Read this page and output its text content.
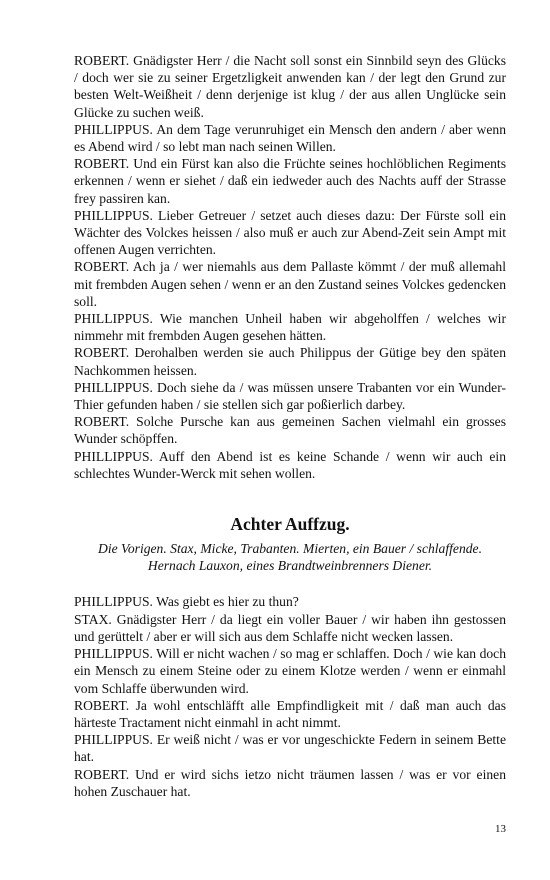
ROBERT. Gnädigster Herr / die Nacht soll sonst ein Sinnbild seyn des Glücks / doch wer sie zu seiner Ergetzligkeit anwenden kan / der legt den Grund zur besten Welt-Weißheit / denn derjenige ist klug / der aus allen Unglücke sein Glücke zu suchen weiß.

PHILLIPPUS. An dem Tage verunruhiget ein Mensch den andern / aber wenn es Abend wird / so lebt man nach seinen Willen.

ROBERT. Und ein Fürst kan also die Früchte seines hochlöblichen Regiments erkennen / wenn er siehet / daß ein iedweder auch des Nachts auff der Strasse frey passiren kan.

PHILLIPPUS. Lieber Getreuer / setzet auch dieses dazu: Der Fürste soll ein Wächter des Volckes heissen / also muß er auch zur Abend-Zeit sein Ampt mit offenen Augen verrichten.

ROBERT. Ach ja / wer niemahls aus dem Pallaste kömmt / der muß allemahl mit frembden Augen sehen / wenn er an den Zustand seines Volckes gedencken soll.

PHILLIPPUS. Wie manchen Unheil haben wir abgeholffen / welches wir nimmehr mit frembden Augen gesehen hätten.

ROBERT. Derohalben werden sie auch Philippus der Gütige bey den späten Nachkommen heissen.

PHILLIPPUS. Doch siehe da / was müssen unsere Trabanten vor ein Wunder-Thier gefunden haben / sie stellen sich gar poßierlich darbey.

ROBERT. Solche Pursche kan aus gemeinen Sachen vielmahl ein grosses Wunder schöpffen.

PHILLIPPUS. Auff den Abend ist es keine Schande / wenn wir auch ein schlechtes Wunder-Werck mit sehen wollen.

Achter Auffzug.
Die Vorigen. Stax, Micke, Trabanten. Mierten, ein Bauer / schlaffende.
Hernach Lauxon, eines Brandtweinbrenners Diener.

PHILLIPPUS. Was giebt es hier zu thun?

STAX. Gnädigster Herr / da liegt ein voller Bauer / wir haben ihn gestossen und gerüttelt / aber er will sich aus dem Schlaffe nicht wecken lassen.

PHILLIPPUS. Will er nicht wachen / so mag er schlaffen. Doch / wie kan doch ein Mensch zu einem Steine oder zu einem Klotze werden / wenn er einmahl vom Schlaffe überwunden wird.

ROBERT. Ja wohl entschläfft alle Empfindligkeit mit / daß man auch das härteste Tractament nicht einmahl in acht nimmt.

PHILLIPPUS. Er weiß nicht / was er vor ungeschickte Federn in seinem Bette hat.

ROBERT. Und er wird sichs ietzo nicht träumen lassen / was er vor einen hohen Zuschauer hat.

13
